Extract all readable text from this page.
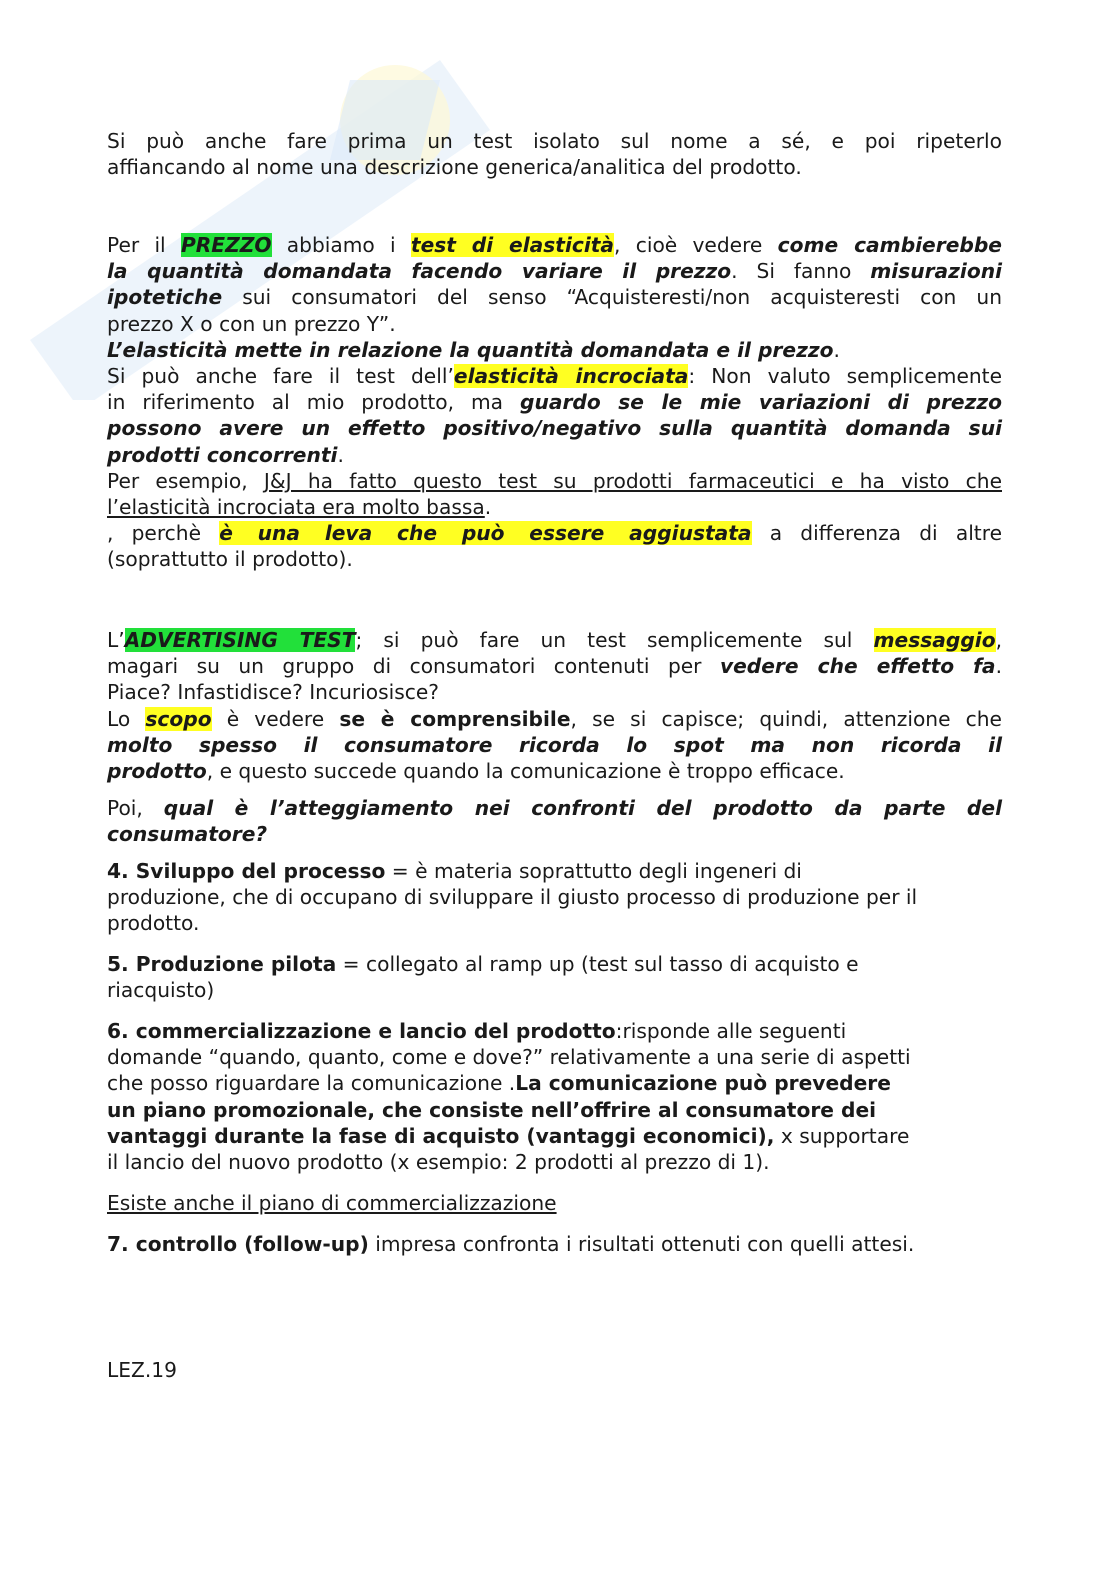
Si può anche fare prima un test isolato sul nome a sé, e poi ripeterlo

affiancando al nome una descrizione generica/analitica del prodotto.

Per il PREZZO abbiamo i test di elasticità, cioè vedere come cambierebbe

la quantità domandata facendo variare il prezzo. Si fanno misurazioni

ipotetiche sui consumatori del senso “Acquisteresti/non acquisteresti con un

prezzo X o con un prezzo Y”.

L’elasticità mette in relazione la quantità domandata e il prezzo.

Si può anche fare il test dell’elasticità incrociata: Non valuto semplicemente

in riferimento al mio prodotto, ma guardo se le mie variazioni di prezzo

possono avere un effetto positivo/negativo sulla quantità domanda sui

prodotti concorrenti.

Per esempio, J&J ha fatto questo test su prodotti farmaceutici e ha visto che

l’elasticità incrociata era molto bassa.

, perchè è una leva che può essere aggiustata a differenza di altre

(soprattutto il prodotto).

L’ADVERTISING TEST; si può fare un test semplicemente sul messaggio,

magari su un gruppo di consumatori contenuti per vedere che effetto fa.

Piace? Infastidisce? Incuriosisce?

Lo scopo è vedere se è comprensibile, se si capisce; quindi, attenzione che

molto spesso il consumatore ricorda lo spot ma non ricorda il

prodotto, e questo succede quando la comunicazione è troppo efficace.

Poi, qual è l’atteggiamento nei confronti del prodotto da parte del

consumatore?

4. Sviluppo del processo = è materia soprattutto degli ingeneri di

produzione, che di occupano di sviluppare il giusto processo di produzione per il

prodotto.

5. Produzione pilota = collegato al ramp up (test sul tasso di acquisto e

riacquisto)

6. commercializzazione e lancio del prodotto:risponde alle seguenti

domande “quando, quanto, come e dove?” relativamente a una serie di aspetti

che posso riguardare la comunicazione .La comunicazione può prevedere

un piano promozionale, che consiste nell’offrire al consumatore dei

vantaggi durante la fase di acquisto (vantaggi economici), x supportare

il lancio del nuovo prodotto (x esempio: 2 prodotti al prezzo di 1).

Esiste anche il piano di commercializzazione

7. controllo (follow-up) impresa confronta i risultati ottenuti con quelli attesi.

LEZ.19
